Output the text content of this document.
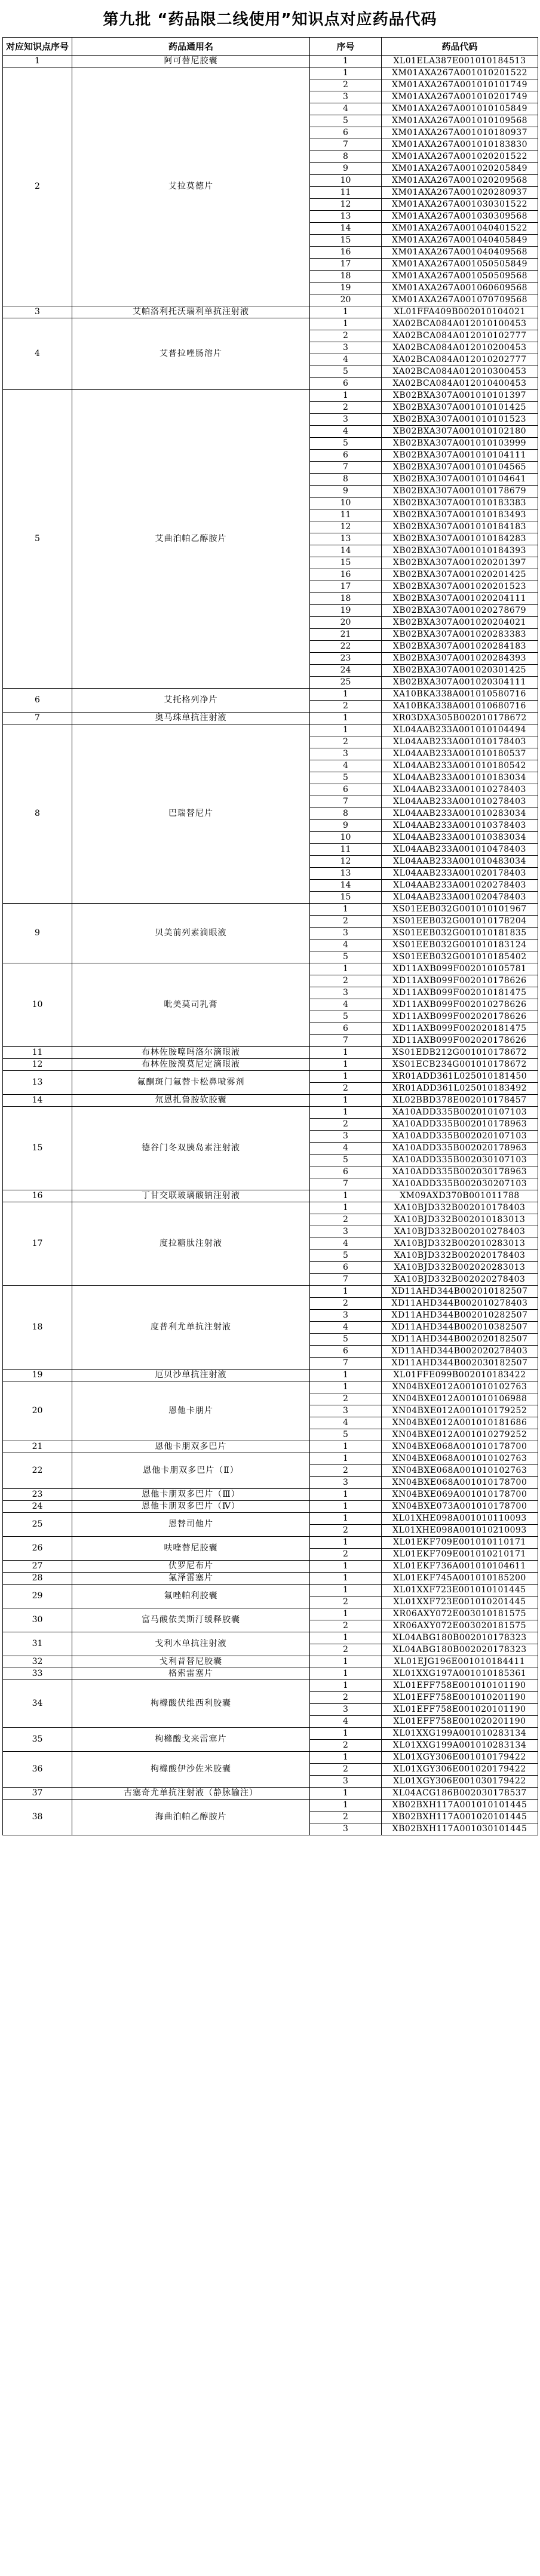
第九批 “药品限二线使用”知识点对应药品代码
对应知识点序号	药品通用名	序号	药品代码
1	阿可替尼胶囊	1	XL01ELA387E001010184513
2	艾拉莫德片	1	XM01AXA267A001010201522
		2	XM01AXA267A001010101749
		3	XM01AXA267A001010201749
		4	XM01AXA267A001010105849
		5	XM01AXA267A001010109568
		6	XM01AXA267A001010180937
		7	XM01AXA267A001010183830
		8	XM01AXA267A001020201522
		9	XM01AXA267A001020205849
		10	XM01AXA267A001020209568
		11	XM01AXA267A001020280937
		12	XM01AXA267A001030301522
		13	XM01AXA267A001030309568
		14	XM01AXA267A001040401522
		15	XM01AXA267A001040405849
		16	XM01AXA267A001040409568
		17	XM01AXA267A001050505849
		18	XM01AXA267A001050509568
		19	XM01AXA267A001060609568
		20	XM01AXA267A001070709568
3	艾帕洛利托沃瑞利单抗注射液	1	XL01FFA409B002010104021
4	艾普拉唑肠溶片	1	XA02BCA084A012010100453
		2	XA02BCA084A012010102777
		3	XA02BCA084A012010200453
		4	XA02BCA084A012010202777
		5	XA02BCA084A012010300453
		6	XA02BCA084A012010400453
5	艾曲泊帕乙醇胺片	1	XB02BXA307A001010101397
		2	XB02BXA307A001010101425
		3	XB02BXA307A001010101523
		4	XB02BXA307A001010102180
		5	XB02BXA307A001010103999
		6	XB02BXA307A001010104111
		7	XB02BXA307A001010104565
		8	XB02BXA307A001010104641
		9	XB02BXA307A001010178679
		10	XB02BXA307A001010183383
		11	XB02BXA307A001010183493
		12	XB02BXA307A001010184183
		13	XB02BXA307A001010184283
		14	XB02BXA307A001010184393
		15	XB02BXA307A001020201397
		16	XB02BXA307A001020201425
		17	XB02BXA307A001020201523
		18	XB02BXA307A001020204111
		19	XB02BXA307A001020278679
		20	XB02BXA307A001020204021
		21	XB02BXA307A001020283383
		22	XB02BXA307A001020284183
		23	XB02BXA307A001020284393
		24	XB02BXA307A001020301425
		25	XB02BXA307A001020304111
6	艾托格列净片	1	XA10BKA338A001010580716
		2	XA10BKA338A001010680716
7	奥马珠单抗注射液	1	XR03DXA305B002010178672
8	巴瑞替尼片	1	XL04AAB233A001010104494
		2	XL04AAB233A001010178403
		3	XL04AAB233A001010180537
		4	XL04AAB233A001010180542
		5	XL04AAB233A001010183034
		6	XL04AAB233A001010278403
		7	XL04AAB233A001010278403
		8	XL04AAB233A001010283034
		9	XL04AAB233A001010378403
		10	XL04AAB233A001010383034
		11	XL04AAB233A001010478403
		12	XL04AAB233A001010483034
		13	XL04AAB233A001020178403
		14	XL04AAB233A001020278403
		15	XL04AAB233A001020478403
9	贝美前列素滴眼液	1	XS01EEB032G001010101967
		2	XS01EEB032G001010178204
		3	XS01EEB032G001010181835
		4	XS01EEB032G001010183124
		5	XS01EEB032G001010185402
10	吡美莫司乳膏	1	XD11AXB099F002010105781
		2	XD11AXB099F002010178626
		3	XD11AXB099F002010181475
		4	XD11AXB099F002010278626
		5	XD11AXB099F002020178626
		6	XD11AXB099F002020181475
		7	XD11AXB099F002020178626
11	布林佐胺噻吗洛尔滴眼液	1	XS01EDB212G001010178672
12	布林佐胺溴莫尼定滴眼液	1	XS01ECB234G001010178672
13	氟酮斑门氟替卡松鼻喷雾剂	1	XR01ADD361L025010181450
		2	XR01ADD361L025010183492
14	氘恩扎鲁胺软胶囊	1	XL02BBD378E002010178457
15	德谷门冬双胰岛素注射液	1	XA10ADD335B002010107103
		2	XA10ADD335B002010178963
		3	XA10ADD335B002020107103
		4	XA10ADD335B002020178963
		5	XA10ADD335B002030107103
		6	XA10ADD335B002030178963
		7	XA10ADD335B002030207103
16	丁甘交联玻璃酸钠注射液	1	XM09AXD370B001011788
17	度拉糖肽注射液	1	XA10BJD332B002010178403
		2	XA10BJD332B002010183013
		3	XA10BJD332B002010278403
		4	XA10BJD332B002010283013
		5	XA10BJD332B002020178403
		6	XA10BJD332B002020283013
		7	XA10BJD332B002020278403
18	度普利尤单抗注射液	1	XD11AHD344B002010182507
		2	XD11AHD344B002010278403
		3	XD11AHD344B002010282507
		4	XD11AHD344B002010382507
		5	XD11AHD344B002020182507
		6	XD11AHD344B002020278403
		7	XD11AHD344B002030182507
19	厄贝沙单抗注射液	1	XL01FFE099B002010183422
20	恩他卡朋片	1	XN04BXE012A001010102763
		2	XN04BXE012A001010106988
		3	XN04BXE012A001010179252
		4	XN04BXE012A001010181686
		5	XN04BXE012A001010279252
21	恩他卡朋双多巴片	1	XN04BXE068A001010178700
22	恩他卡朋双多巴片（Ⅱ）	1	XN04BXE068A001010102763
		2	XN04BXE068A001010102763
		3	XN04BXE068A001010178700
23	恩他卡朋双多巴片（Ⅲ）	1	XN04BXE069A001010178700
24	恩他卡朋双多巴片（Ⅳ）	1	XN04BXE073A001010178700
25	恩替司他片	1	XL01XHE098A001010110093
		2	XL01XHE098A001010210093
26	呋喹替尼胶囊	1	XL01EKF709E001010110171
		2	XL01EKF709E001010210171
27	伏罗尼布片	1	XL01EKF736A001010104611
28	氟泽雷塞片	1	XL01EKF745A001010185200
29	氟唑帕利胶囊	1	XL01XXF723E001010101445
		2	XL01XXF723E001010201445
30	富马酸依美斯汀缓释胶囊	1	XR06AXY072E003010181575
		2	XR06AXY072E003020181575
31	戈利木单抗注射液	1	XL04ABG180B002010178323
		2	XL04ABG180B002020178323
32	戈利昔替尼胶囊	1	XL01EJG196E001010184411
33	格索雷塞片	1	XL01XXG197A001010185361
34	枸橼酸伏维西利胶囊	1	XL01EFF758E001010101190
		2	XL01EFF758E001010201190
		3	XL01EFF758E001020101190
		4	XL01EFF758E001020201190
35	枸橼酸戈来雷塞片	1	XL01XXG199A001010283134
		2	XL01XXG199A001010283134
36	枸橼酸伊沙佐米胶囊	1	XL01XGY306E001010179422
		2	XL01XGY306E001020179422
		3	XL01XGY306E001030179422
37	古塞奇尤单抗注射液（静脉输注）	1	XL04ACG186B002030178537
38	海曲泊帕乙醇胺片	1	XB02BXH117A001010101445
		2	XB02BXH117A001020101445
		3	XB02BXH117A001030101445
